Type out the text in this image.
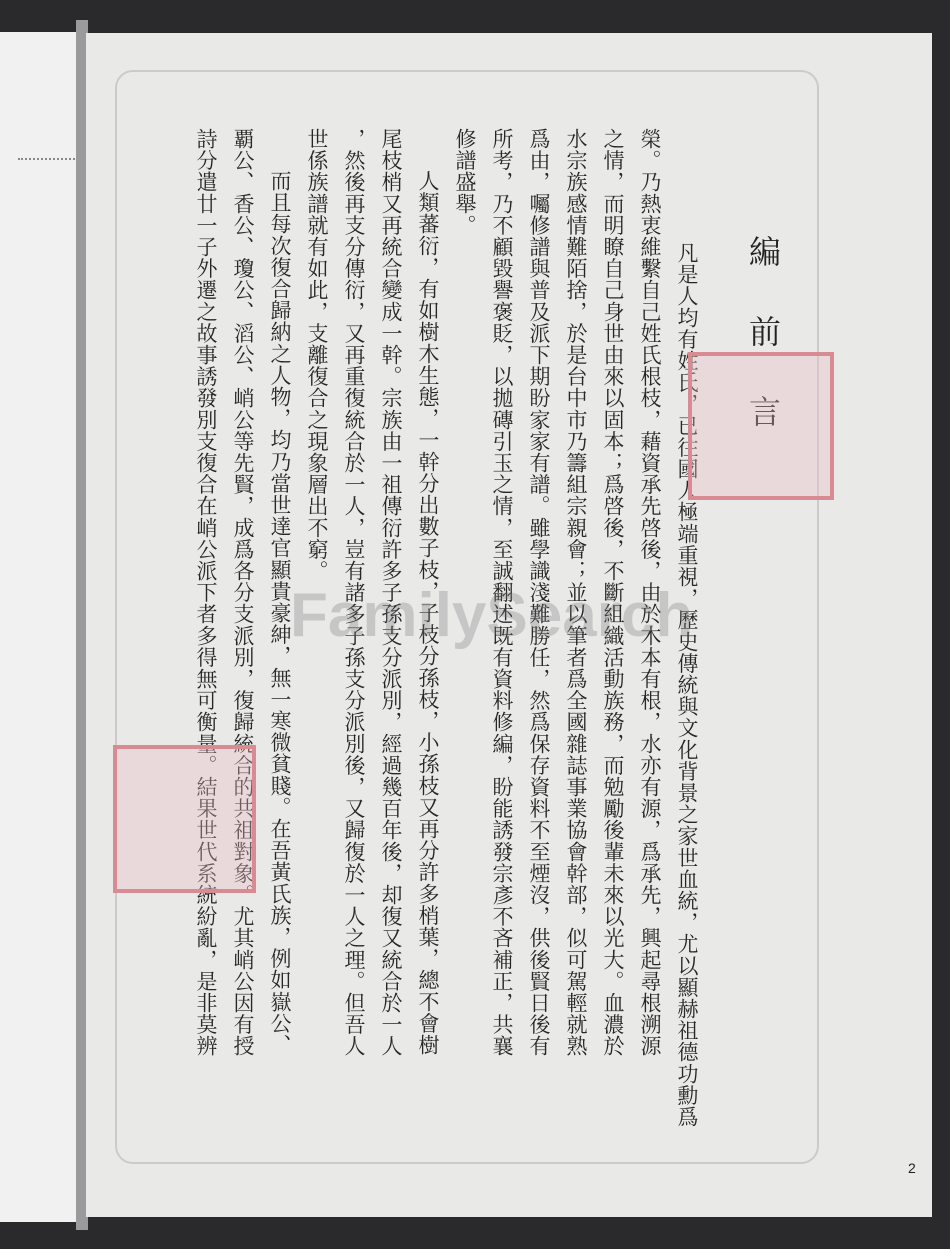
編前言
凡是人均有姓氏，已往國人極端重視，歷史傳統與文化背景之家世血統，尤以顯赫祖德功勳爲
榮。乃熱衷維繫自己姓氏根枝，藉資承先啓後，由於木本有根，水亦有源，爲承先，興起尋根溯源
之情，而明瞭自己身世由來以固本；爲啓後，不斷組織活動族務，而勉勵後輩未來以光大。血濃於
水宗族感情難陌捨，於是台中市乃籌組宗親會；並以筆者爲全國雜誌事業協會幹部，似可駕輕就熟
爲由，囑修譜與普及派下期盼家家有譜。雖學識淺難勝任，然爲保存資料不至煙沒，供後賢日後有
所考，乃不顧毀譽褒貶，以拋磚引玉之情，至誠翻述既有資料修編，盼能誘發宗彥不吝補正，共襄
修譜盛舉。
人類蕃衍，有如樹木生態，一幹分出數子枝，子枝分孫枝，小孫枝又再分許多梢葉，總不會樹
尾枝梢又再統合變成一幹。宗族由一祖傳衍許多子孫支分派別，經過幾百年後，却復又統合於一人
，然後再支分傳衍，又再重復統合於一人，豈有諸多子孫支分派別後，又歸復於一人之理。但吾人
世係族譜就有如此，支離復合之現象層出不窮。
而且每次復合歸納之人物，均乃當世達官顯貴豪紳，無一寒微貧賤。在吾黃氏族，例如嶽公、
覇公、香公、瓊公、滔公、峭公等先賢，成爲各分支派別，復歸統合的共祖對象。尤其峭公因有授
詩分遣廿一子外遷之故事誘發別支復合在峭公派下者多得無可衡量。結果世代系統紛亂，是非莫辨 FamilySearch
2
